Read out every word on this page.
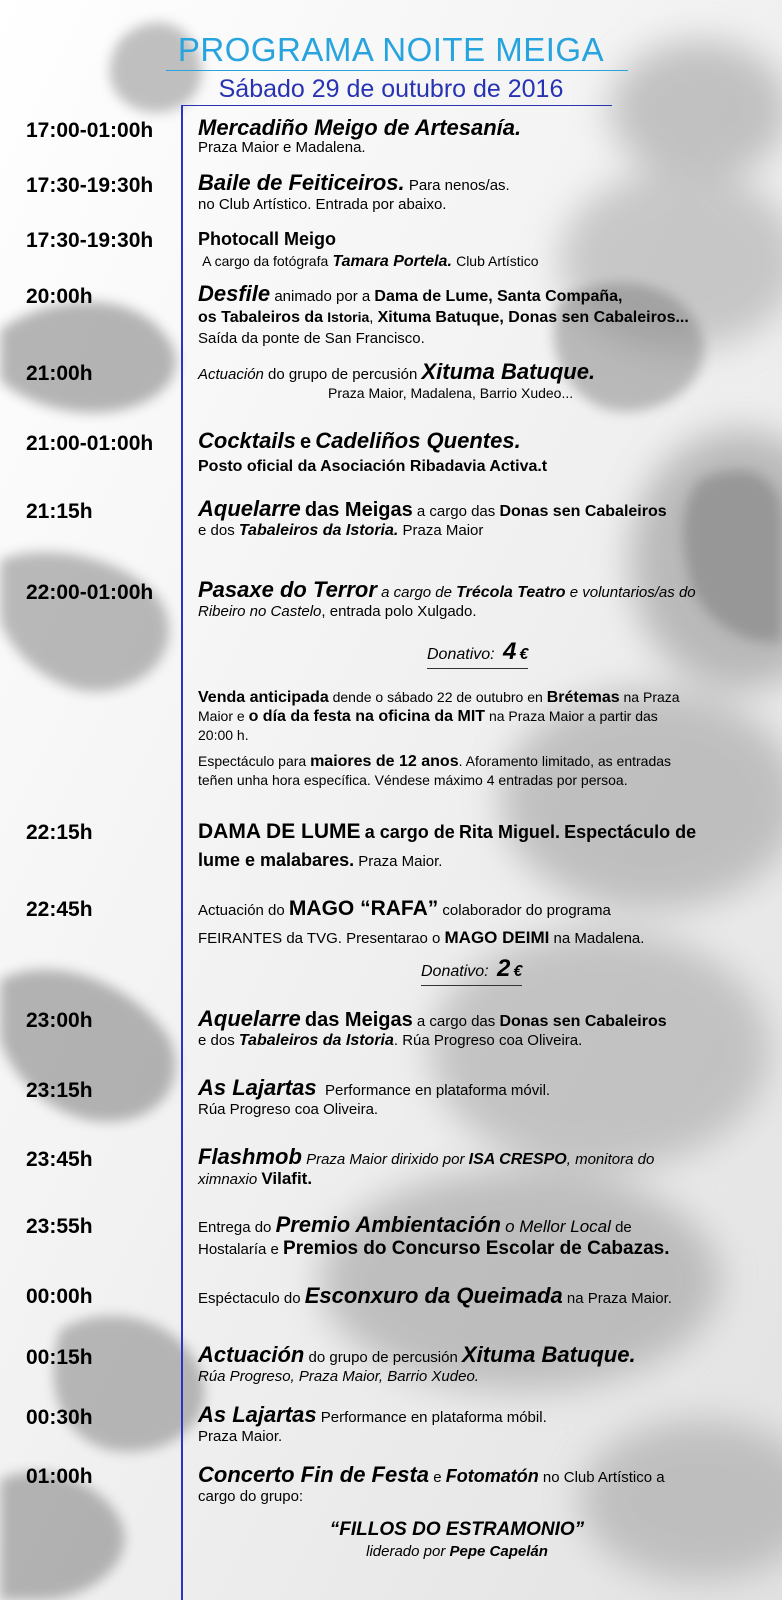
PROGRAMA NOITE MEIGA
Sábado 29 de outubro de 2016
17:00-01:00h Mercadiño Meigo de Artesanía.
Praza Maior e Madalena.
17:30-19:30h Baile de Feiticeiros. Para nenos/as.
no Club Artístico. Entrada por abaixo.
17:30-19:30h Photocall Meigo
A cargo da fotógrafa Tamara Portela. Club Artístico
20:00h	Desfile animado por a Dama de Lume, Santa Compaña,
os Tabaleiros da Istoria, Xituma Batuque, Donas sen Cabaleiros...
Saída da ponte de San Francisco.
21:00h	Actuación do grupo de percusión Xituma Batuque.
Praza Maior, Madalena, Barrio Xudeo...
21:00-01:00h Cocktails e Cadeliños Quentes.
Posto oficial da Asociación Ribadavia Activa.t
21:15h	Aquelarre das Meigas a cargo das Donas sen Cabaleiros
e dos Tabaleiros da Istoria. Praza Maior
22:00-01:00h Pasaxe do Terror a cargo de Trécola Teatro e voluntarios/as do
Ribeiro no Castelo, entrada polo Xulgado.
Donativo: 4 €
Venda anticipada dende o sábado 22 de outubro en Brétemas na Praza
Maior e o día da festa na oficina da MIT na Praza Maior a partir das
20:00 h.
Espectáculo para maiores de 12 anos. Aforamento limitado, as entradas
teñen unha hora específica. Véndese máximo 4 entradas por persoa.
22:15h	DAMA DE LUME a cargo de Rita Miguel. Espectáculo de
lume e malabares. Praza Maior.
22:45h	Actuación do MAGO “RAFA” colaborador do programa
FEIRANTES da TVG. Presentarao o MAGO DEIMI na Madalena.
Donativo: 2 €
23:00h	Aquelarre das Meigas a cargo das Donas sen Cabaleiros
e dos Tabaleiros da Istoria. Rúa Progreso coa Oliveira.
23:15h	As Lajartas Performance en plataforma móvil.
Rúa Progreso coa Oliveira.
23:45h	Flashmob Praza Maior dirixido por ISA CRESPO, monitora do
ximnaxio Vilafit.
23:55h	Entrega do Premio Ambientación o Mellor Local de
Hostalaría e Premios do Concurso Escolar de Cabazas.
00:00h	Espéctaculo do Esconxuro da Queimada na Praza Maior.
00:15h	Actuación do grupo de percusión Xituma Batuque.
Rúa Progreso, Praza Maior, Barrio Xudeo.
00:30h	As Lajartas Performance en plataforma móbil.
Praza Maior.
01:00h	Concerto Fin de Festa e Fotomatón no Club Artístico a
cargo do grupo:
“FILLOS DO ESTRAMONIO”
liderado por Pepe Capelán
